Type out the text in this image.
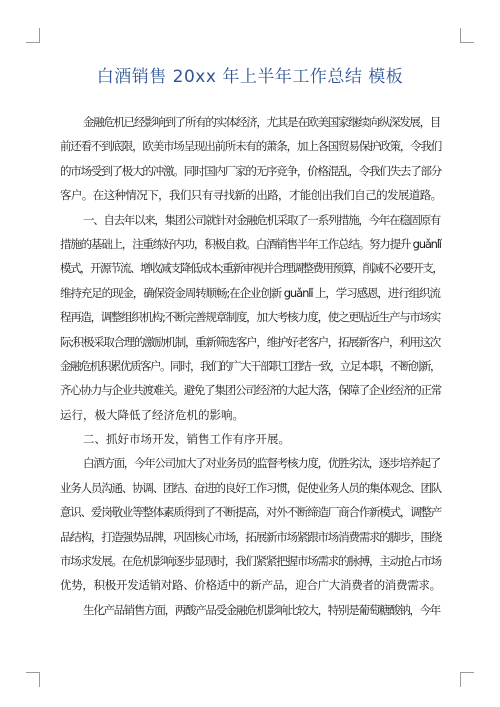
白酒销售 20xx 年上半年工作总结 模板
金融危机已经影响到了所有的实体经济，尤其是在欧美国家继续向纵深发展，目
前还看不到底限，欧美市场呈现出前所未有的萧条，加上各国贸易保护政策，令我们
的市场受到了极大的冲激。同时国内厂家的无序竞争，价格混乱，令我们失去了部分
客户。在这种情况下，我们只有寻找新的出路，才能创出我们自己的发展道路。
一、自去年以来，集团公司就针对金融危机采取了一系列措施，今年在稳固原有
措施的基础上，注重练好内功，积极自救。白酒销售半年工作总结。努力提升 guǎnlǐ
模式，开源节流、增收减支降低成本;重新审视并合理调整费用预算，削减不必要开支，
维持充足的现金，确保资金周转顺畅;在企业创新 guǎnlǐ 上，学习感恩，进行组织流
程再造，调整组织机构;不断完善规章制度，加大考核力度，使之更贴近生产与市场实
际;积极采取合理的激励机制，重新筛选客户，维护好老客户，拓展新客户，利用这次
金融危机积累优质客户。同时，我们的广大干部职工团结一致，立足本职，不断创新，
齐心协力与企业共渡难关。避免了集团公司经济的大起大落，保障了企业经济的正常
运行，极大降低了经济危机的影响。
二、抓好市场开发，销售工作有序开展。
白酒方面，今年公司加大了对业务员的监督考核力度，优胜劣汰，逐步培养起了
业务人员沟通、协调、团结、奋进的良好工作习惯，促使业务人员的集体观念、团队
意识、爱岗敬业等整体素质得到了不断提高，对外不断缔造厂商合作新模式，调整产
品结构，打造强势品牌，巩固核心市场，拓展新市场紧跟市场消费需求的脚步，围绕
市场求发展。在危机影响逐步显现时，我们紧紧把握市场需求的脉搏，主动抢占市场
优势，积极开发适销对路、价格适中的新产品，迎合广大消费者的消费需求。
生化产品销售方面，两酸产品受金融危机影响比较大，特别是葡萄糖酸钠，今年
